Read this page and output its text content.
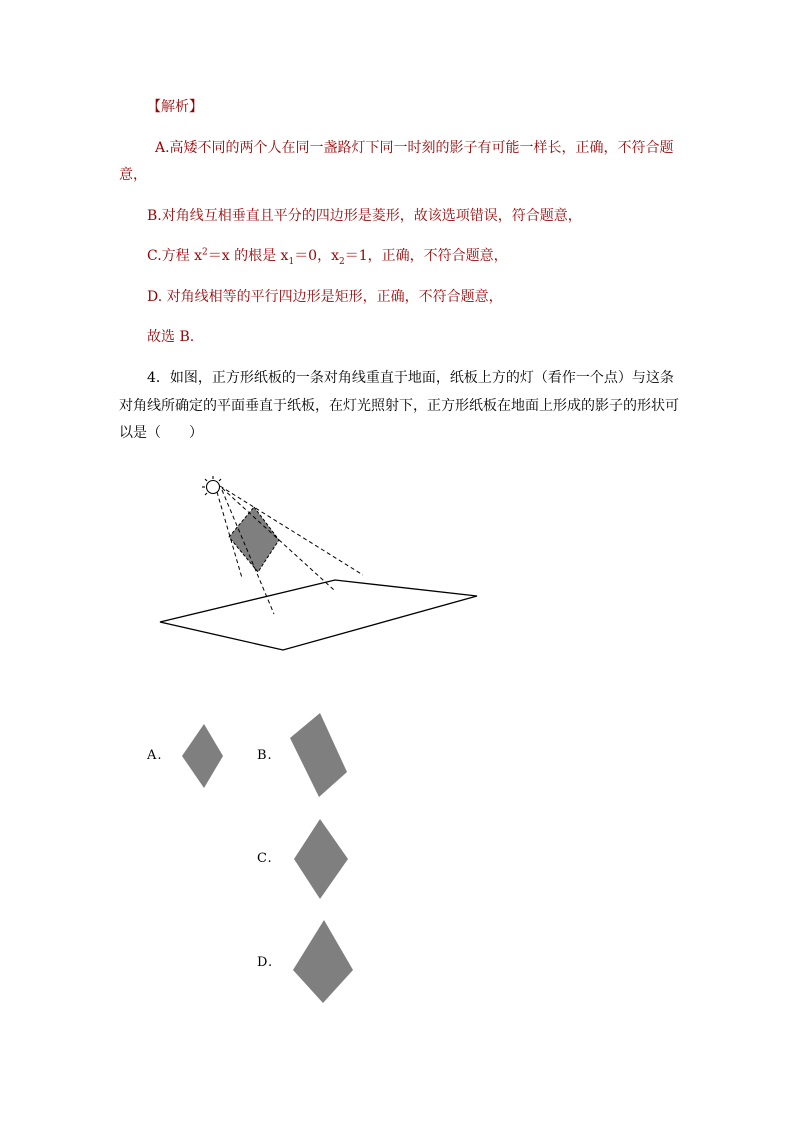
【解析】
A.高矮不同的两个人在同一盏路灯下同一时刻的影子有可能一样长，正确，不符合题
意，
B.对角线互相垂直且平分的四边形是菱形，故该选项错误，符合题意，
C.方程 $x^2=x$ 的根是 $x_1=0$，$x_2=1$，正确，不符合题意，
D. 对角线相等的平行四边形是矩形，正确，不符合题意，
故选 B.
4．如图，正方形纸板的一条对角线重直于地面，纸板上方的灯（看作一个点）与这条
对角线所确定的平面垂直于纸板，在灯光照射下，正方形纸板在地面上形成的影子的形状可
以是（　　）
A.	B.
C.
D.
